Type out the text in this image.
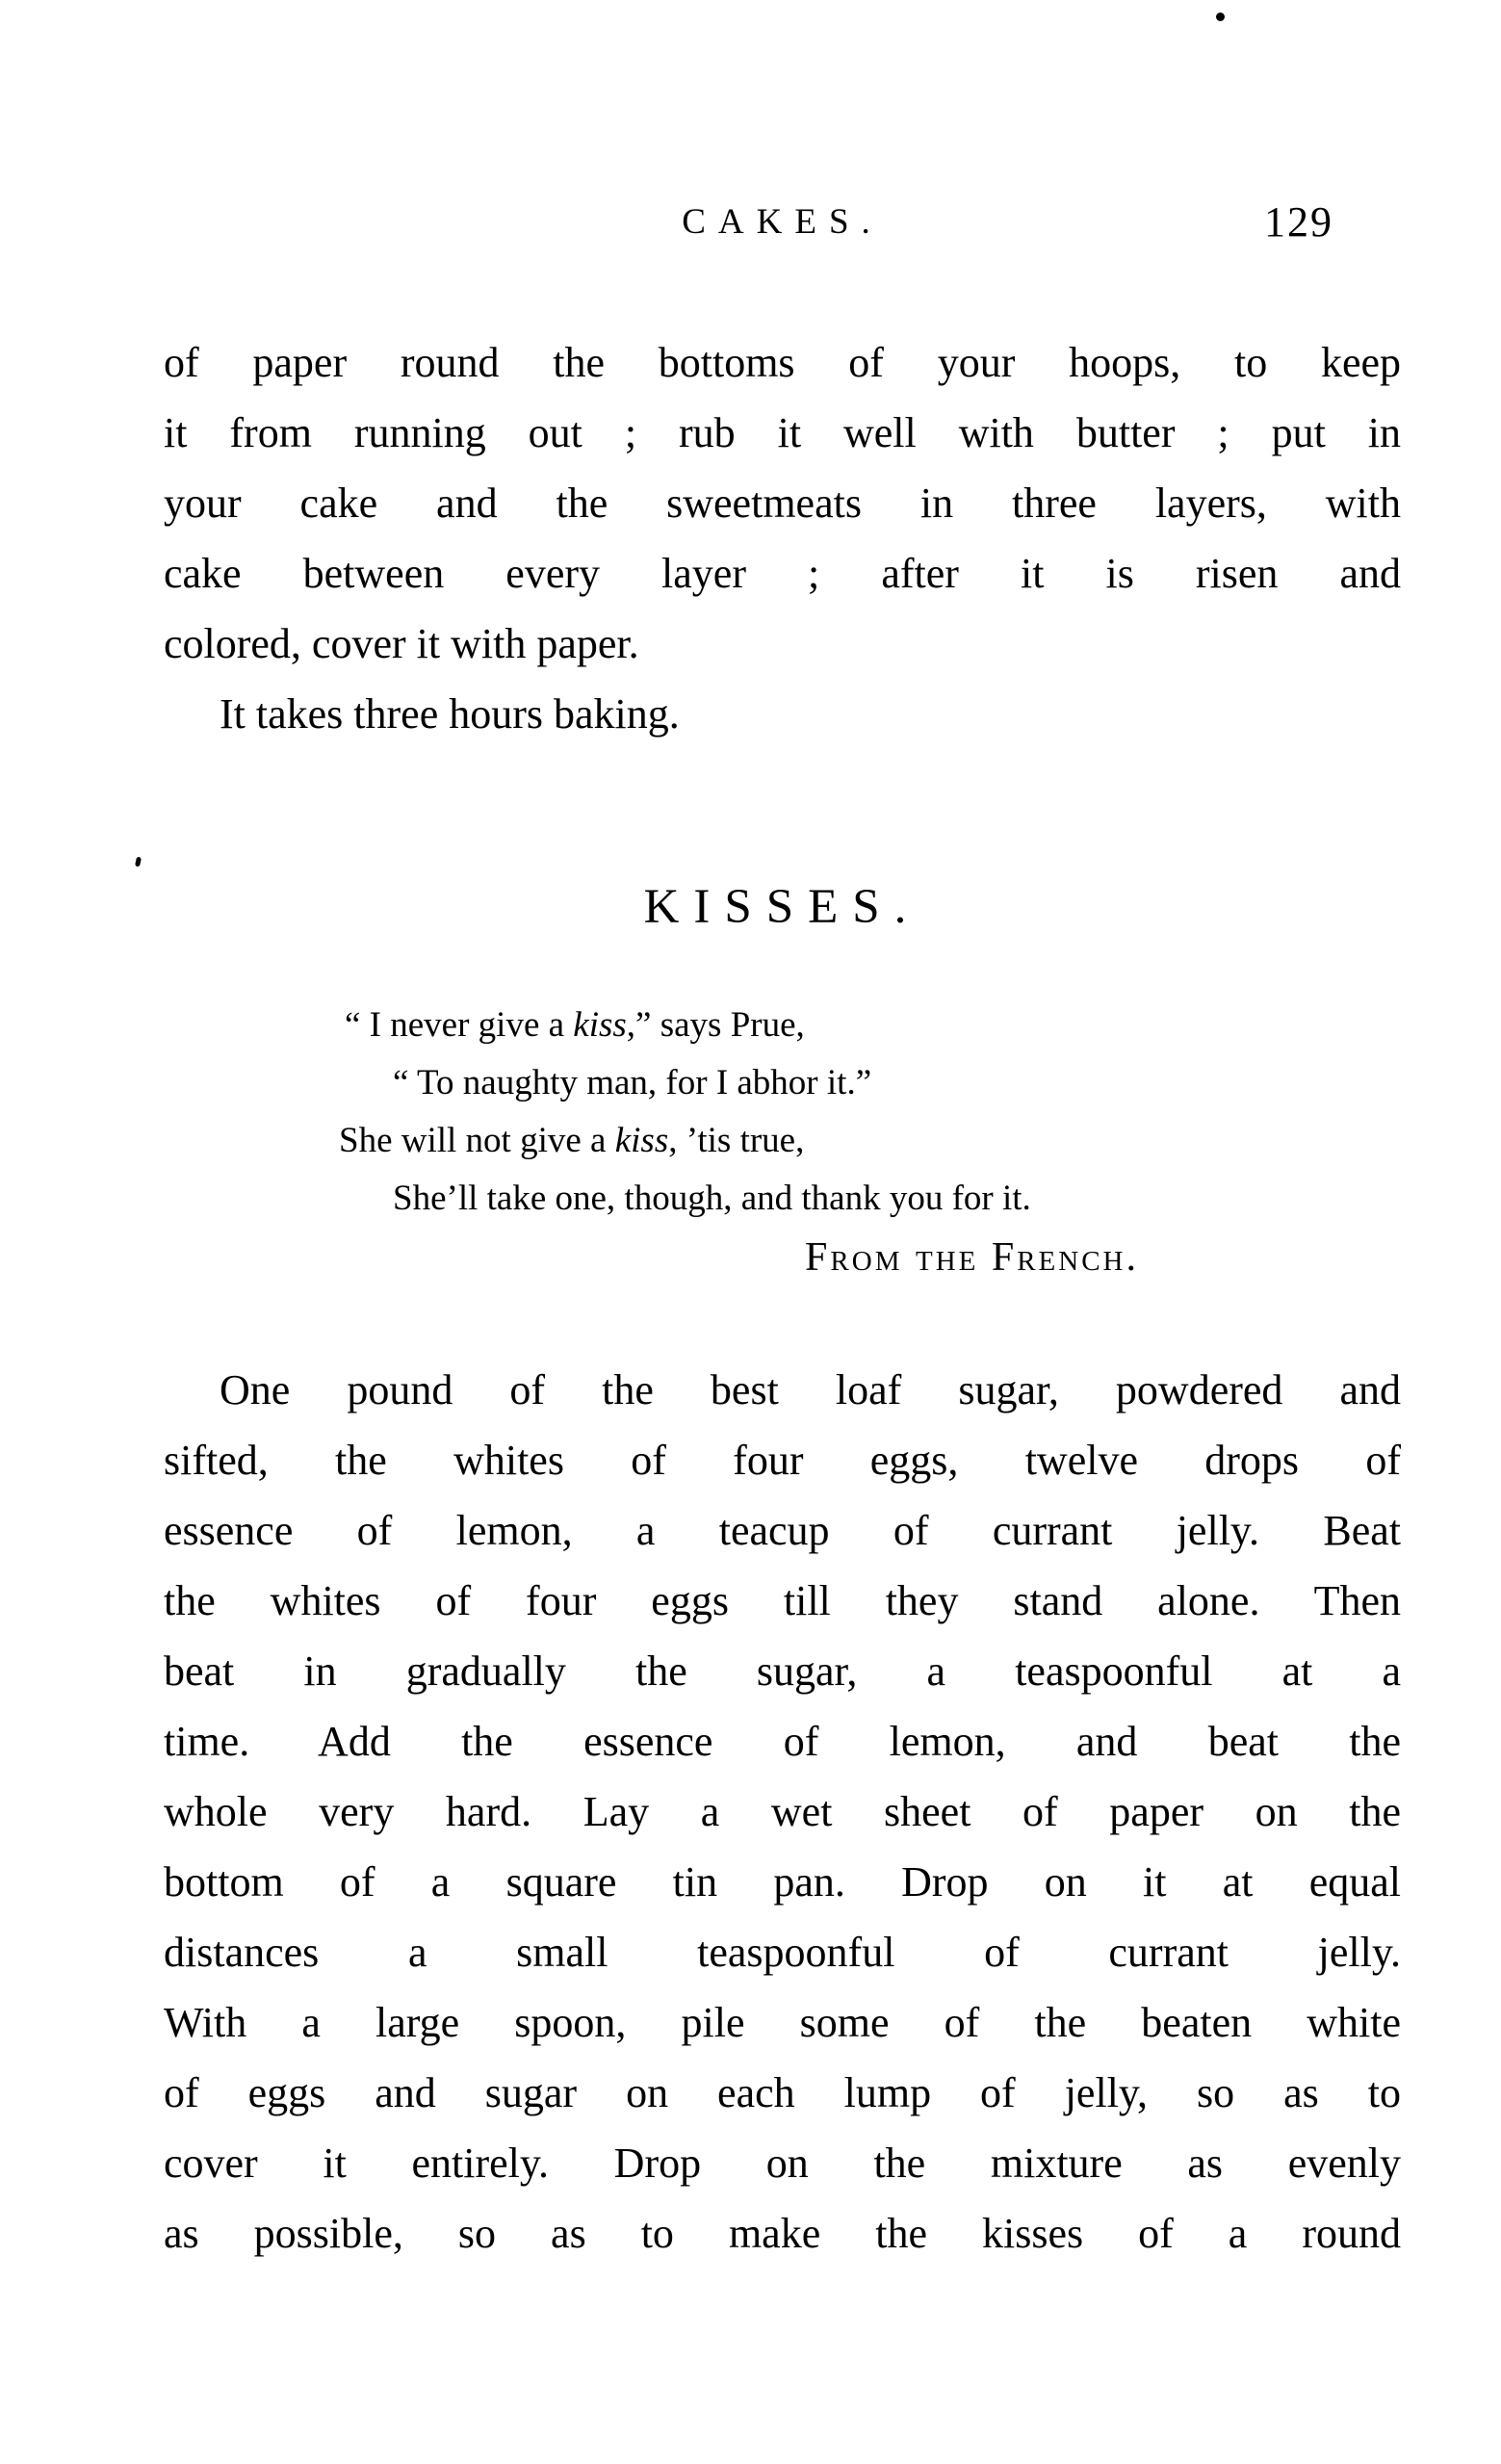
CAKES.	129
of paper round the bottoms of your hoops, to keep
it from running out ; rub it well with butter ; put in
your cake and the sweetmeats in three layers, with
cake between every layer ; after it is risen and
colored, cover it with paper.
It takes three hours baking.
KISSES.
“ I never give a kiss,” says Prue,
“ To naughty man, for I abhor it.”
She will not give a kiss, ’tis true,
She’ll take one, though, and thank you for it.
From the French.
One pound of the best loaf sugar, powdered and
sifted, the whites of four eggs, twelve drops of
essence of lemon, a teacup of currant jelly. Beat
the whites of four eggs till they stand alone. Then
beat in gradually the sugar, a teaspoonful at a
time. Add the essence of lemon, and beat the
whole very hard. Lay a wet sheet of paper on the
bottom of a square tin pan. Drop on it at equal
distances a small teaspoonful of currant jelly.
With a large spoon, pile some of the beaten white
of eggs and sugar on each lump of jelly, so as to
cover it entirely. Drop on the mixture as evenly
as possible, so as to make the kisses of a round
